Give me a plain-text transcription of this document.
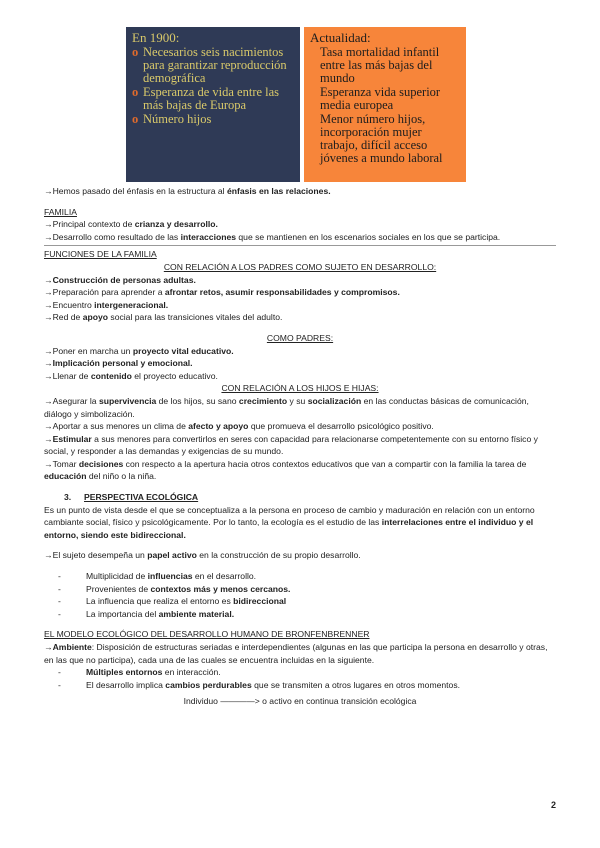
En 1900:
o Necesarios seis nacimientos para garantizar reproducción demográfica
o Esperanza de vida entre las más bajas de Europa
o Número hijos
Actualidad:
Tasa mortalidad infantil entre las más bajas del mundo
Esperanza vida superior media europea
Menor número hijos, incorporación mujer trabajo, difícil acceso jóvenes a mundo laboral

→Hemos pasado del énfasis en la estructura al énfasis en las relaciones.

FAMILIA

→Principal contexto de crianza y desarrollo.

→Desarrollo como resultado de las interacciones que se mantienen en los escenarios sociales en los que se participa.

FUNCIONES DE LA FAMILIA

CON RELACIÓN A LOS PADRES COMO SUJETO EN DESARROLLO:

→Construcción de personas adultas.

→Preparación para aprender a afrontar retos, asumir responsabilidades y compromisos.

→Encuentro intergeneracional.

→Red de apoyo social para las transiciones vitales del adulto.

COMO PADRES:

→Poner en marcha un proyecto vital educativo.

→Implicación personal y emocional.

→Llenar de contenido el proyecto educativo.

CON RELACIÓN A LOS HIJOS E HIJAS:

→Asegurar la supervivencia de los hijos, su sano crecimiento y su socialización en las conductas básicas de comunicación, diálogo y simbolización.

→Aportar a sus menores un clima de afecto y apoyo que promueva el desarrollo psicológico positivo.

→Estimular a sus menores para convertirlos en seres con capacidad para relacionarse competentemente con su entorno físico y social, y responder a las demandas y exigencias de su mundo.

→Tomar decisiones con respecto a la apertura hacia otros contextos educativos que van a compartir con la familia la tarea de educación del niño o la niña.

3.	PERSPECTIVA ECOLÓGICA

Es un punto de vista desde el que se conceptualiza a la persona en proceso de cambio y maduración en relación con un entorno cambiante social, físico y psicológicamente. Por lo tanto, la ecología es el estudio de las interrelaciones entre el individuo y el entorno, siendo este bidireccional.

→El sujeto desempeña un papel activo en la construcción de su propio desarrollo.

-	Multiplicidad de influencias en el desarrollo.
-	Provenientes de contextos más y menos cercanos.
-	La influencia que realiza el entorno es bidireccional
-	La importancia del ambiente material.

EL MODELO ECOLÓGICO DEL DESARROLLO HUMANO DE BRONFENBRENNER

→Ambiente: Disposición de estructuras seriadas e interdependientes (algunas en las que participa la persona en desarrollo y otras, en las que no participa), cada una de las cuales se encuentra incluidas en la siguiente.

-	Múltiples entornos en interacción.
-	El desarrollo implica cambios perdurables que se transmiten a otros lugares en otros momentos.

Individuo ————> o activo en continua transición ecológica

2
